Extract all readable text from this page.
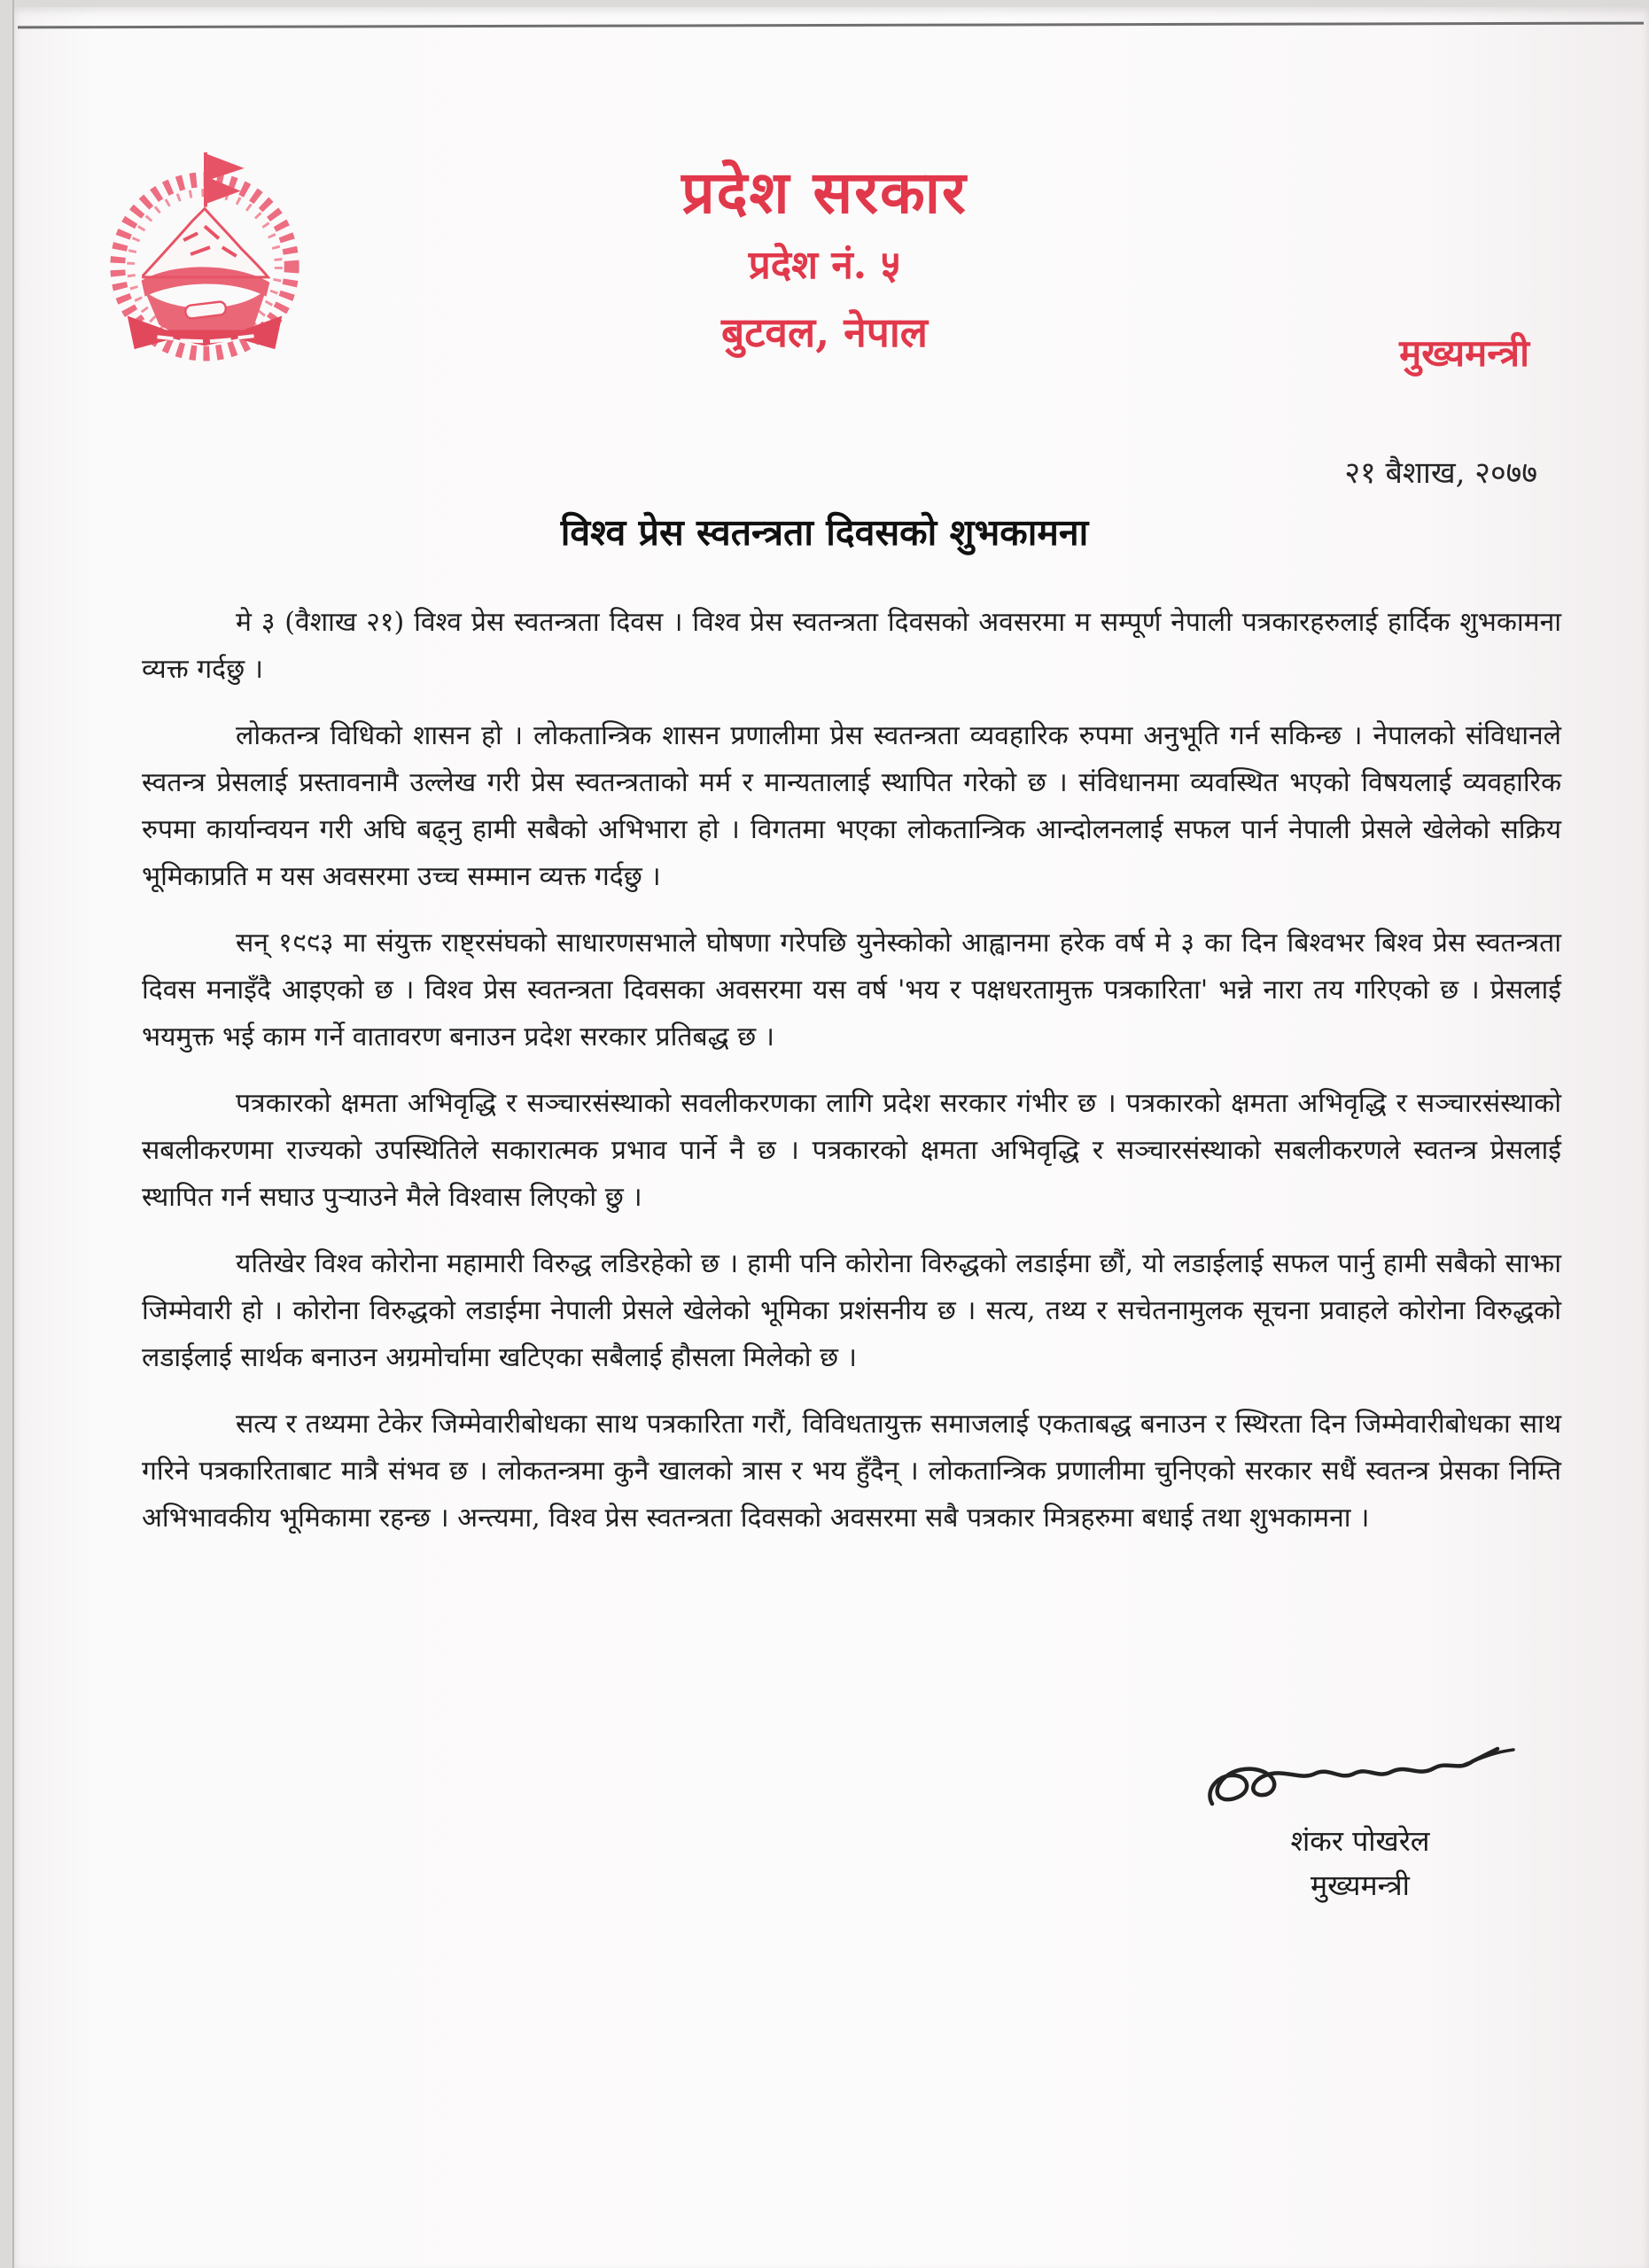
प्रदेश सरकार
प्रदेश नं. ५
बुटवल, नेपाल	मुख्यमन्त्री
२१ बैशाख, २०७७
विश्व प्रेस स्वतन्त्रता दिवसको शुभकामना

मे ३ (वैशाख २१) विश्व प्रेस स्वतन्त्रता दिवस । विश्व प्रेस स्वतन्त्रता दिवसको अवसरमा म सम्पूर्ण नेपाली पत्रकारहरुलाई हार्दिक शुभकामना व्यक्त गर्दछु ।

लोकतन्त्र विधिको शासन हो । लोकतान्त्रिक शासन प्रणालीमा प्रेस स्वतन्त्रता व्यवहारिक रुपमा अनुभूति गर्न सकिन्छ । नेपालको संविधानले स्वतन्त्र प्रेसलाई प्रस्तावनामै उल्लेख गरी प्रेस स्वतन्त्रताको मर्म र मान्यतालाई स्थापित गरेको छ । संविधानमा व्यवस्थित भएको विषयलाई व्यवहारिक रुपमा कार्यान्वयन गरी अघि बढ्नु हामी सबैको अभिभारा हो । विगतमा भएका लोकतान्त्रिक आन्दोलनलाई सफल पार्न नेपाली प्रेसले खेलेको सक्रिय भूमिकाप्रति म यस अवसरमा उच्च सम्मान व्यक्त गर्दछु ।

सन् १९९३ मा संयुक्त राष्ट्रसंघको साधारणसभाले घोषणा गरेपछि युनेस्कोको आह्वानमा हरेक वर्ष मे ३ का दिन बिश्वभर बिश्व प्रेस स्वतन्त्रता दिवस मनाइँदै आइएको छ । विश्व प्रेस स्वतन्त्रता दिवसका अवसरमा यस वर्ष 'भय र पक्षधरतामुक्त पत्रकारिता' भन्ने नारा तय गरिएको छ । प्रेसलाई भयमुक्त भई काम गर्ने वातावरण बनाउन प्रदेश सरकार प्रतिबद्ध छ ।

पत्रकारको क्षमता अभिवृद्धि र सञ्चारसंस्थाको सवलीकरणका लागि प्रदेश सरकार गंभीर छ । पत्रकारको क्षमता अभिवृद्धि र सञ्चारसंस्थाको सबलीकरणमा राज्यको उपस्थितिले सकारात्मक प्रभाव पार्ने नै छ । पत्रकारको क्षमता अभिवृद्धि र सञ्चारसंस्थाको सबलीकरणले स्वतन्त्र प्रेसलाई स्थापित गर्न सघाउ पुऱ्याउने मैले विश्वास लिएको छु ।

यतिखेर विश्व कोरोना महामारी विरुद्ध लडिरहेको छ । हामी पनि कोरोना विरुद्धको लडाईमा छौं, यो लडाईलाई सफल पार्नु हामी सबैको साझा जिम्मेवारी हो । कोरोना विरुद्धको लडाईमा नेपाली प्रेसले खेलेको भूमिका प्रशंसनीय छ । सत्य, तथ्य र सचेतनामुलक सूचना प्रवाहले कोरोना विरुद्धको लडाईलाई सार्थक बनाउन अग्रमोर्चामा खटिएका सबैलाई हौसला मिलेको छ ।

सत्य र तथ्यमा टेकेर जिम्मेवारीबोधका साथ पत्रकारिता गरौं, विविधतायुक्त समाजलाई एकताबद्ध बनाउन र स्थिरता दिन जिम्मेवारीबोधका साथ गरिने पत्रकारिताबाट मात्रै संभव छ । लोकतन्त्रमा कुनै खालको त्रास र भय हुँदैन् । लोकतान्त्रिक प्रणालीमा चुनिएको सरकार सधैं स्वतन्त्र प्रेसका निम्ति अभिभावकीय भूमिकामा रहन्छ । अन्त्यमा, विश्व प्रेस स्वतन्त्रता दिवसको अवसरमा सबै पत्रकार मित्रहरुमा बधाई तथा शुभकामना ।

शंकर पोखरेल
मुख्यमन्त्री
